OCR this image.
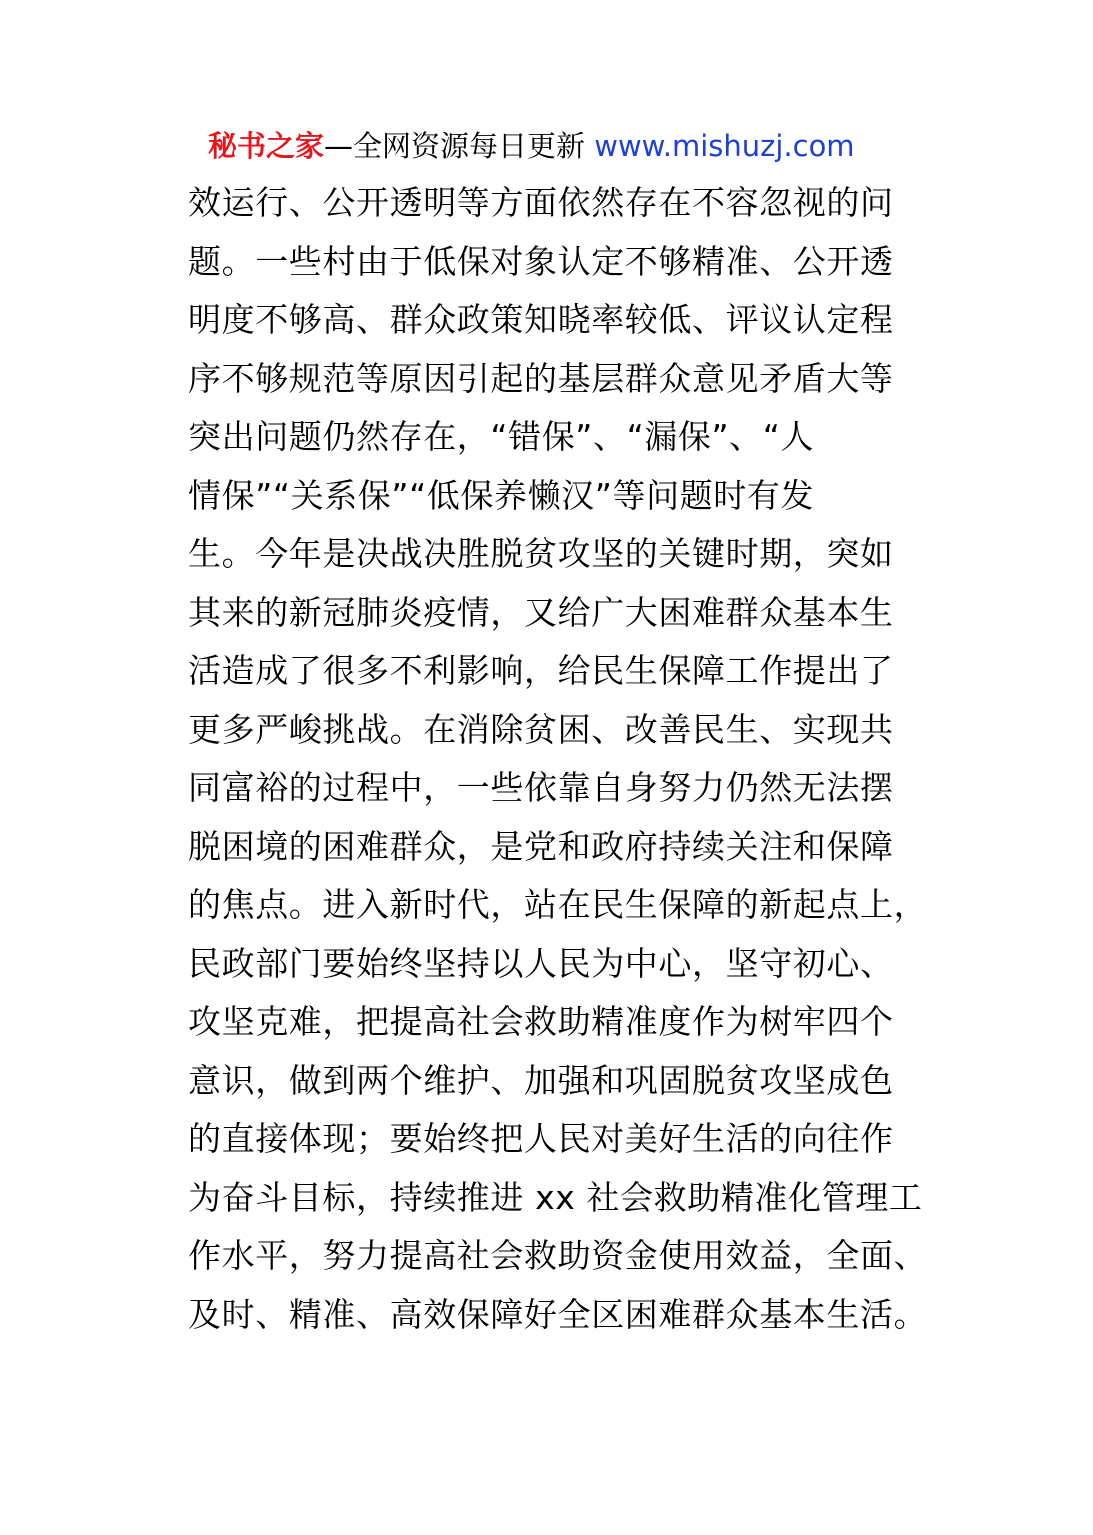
秘书之家—全网资源每日更新 www.mishuzj.com
效运行、公开透明等方面依然存在不容忽视的问
题。一些村由于低保对象认定不够精准、公开透
明度不够高、群众政策知晓率较低、评议认定程
序不够规范等原因引起的基层群众意见矛盾大等
突出问题仍然存在，“错保”、“漏保”、“人
情保”“关系保”“低保养懒汉”等问题时有发
生。今年是决战决胜脱贫攻坚的关键时期，突如
其来的新冠肺炎疫情，又给广大困难群众基本生
活造成了很多不利影响，给民生保障工作提出了
更多严峻挑战。在消除贫困、改善民生、实现共
同富裕的过程中，一些依靠自身努力仍然无法摆
脱困境的困难群众，是党和政府持续关注和保障
的焦点。进入新时代，站在民生保障的新起点上，
民政部门要始终坚持以人民为中心，坚守初心、
攻坚克难，把提高社会救助精准度作为树牢四个
意识，做到两个维护、加强和巩固脱贫攻坚成色
的直接体现；要始终把人民对美好生活的向往作
为奋斗目标，持续推进 xx 社会救助精准化管理工
作水平，努力提高社会救助资金使用效益，全面、
及时、精准、高效保障好全区困难群众基本生活。
